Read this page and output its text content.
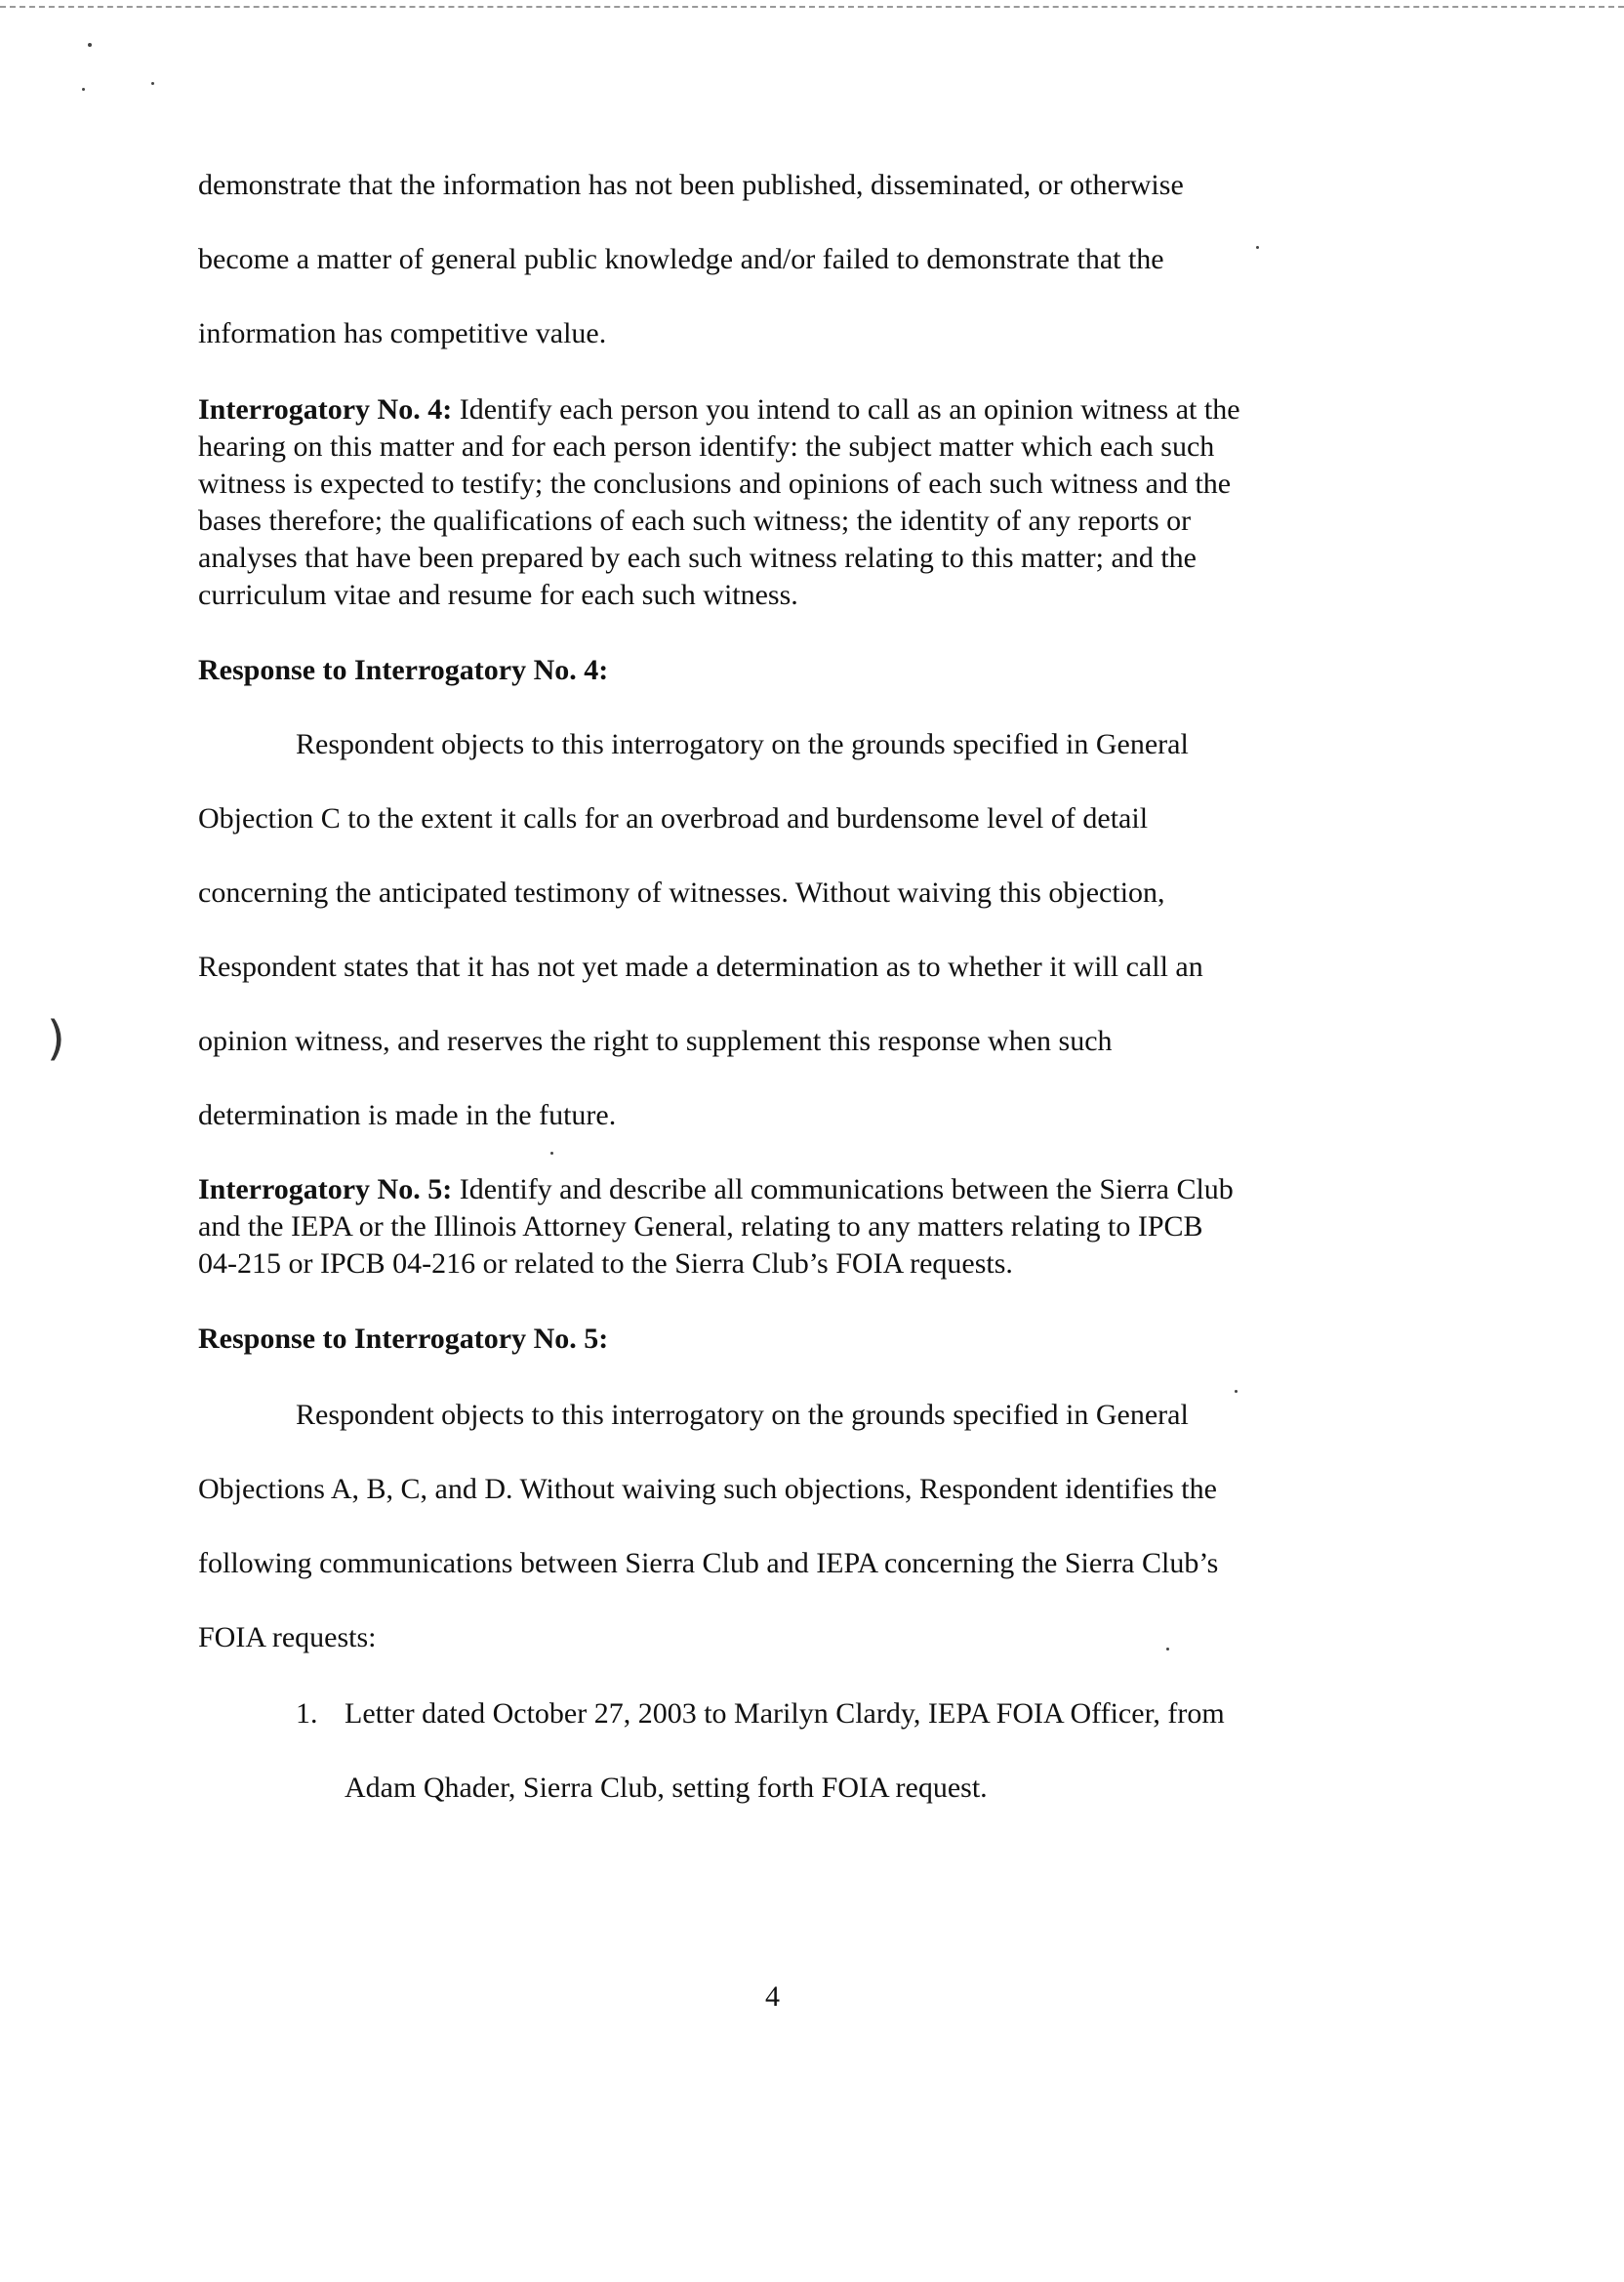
demonstrate that the information has not been published, disseminated, or otherwise
become a matter of general public knowledge and/or failed to demonstrate that the
information has competitive value.
Interrogatory No. 4: Identify each person you intend to call as an opinion witness at the
hearing on this matter and for each person identify: the subject matter which each such
witness is expected to testify; the conclusions and opinions of each such witness and the
bases therefore; the qualifications of each such witness; the identity of any reports or
analyses that have been prepared by each such witness relating to this matter; and the
curriculum vitae and resume for each such witness.
Response to Interrogatory No. 4:
Respondent objects to this interrogatory on the grounds specified in General
Objection C to the extent it calls for an overbroad and burdensome level of detail
concerning the anticipated testimony of witnesses. Without waiving this objection,
Respondent states that it has not yet made a determination as to whether it will call an
opinion witness, and reserves the right to supplement this response when such
determination is made in the future.
Interrogatory No. 5: Identify and describe all communications between the Sierra Club
and the IEPA or the Illinois Attorney General, relating to any matters relating to IPCB
04-215 or IPCB 04-216 or related to the Sierra Club’s FOIA requests.
Response to Interrogatory No. 5:
Respondent objects to this interrogatory on the grounds specified in General
Objections A, B, C, and D. Without waiving such objections, Respondent identifies the
following communications between Sierra Club and IEPA concerning the Sierra Club’s
FOIA requests:
1. Letter dated October 27, 2003 to Marilyn Clardy, IEPA FOIA Officer, from
Adam Qhader, Sierra Club, setting forth FOIA request.
4
)
